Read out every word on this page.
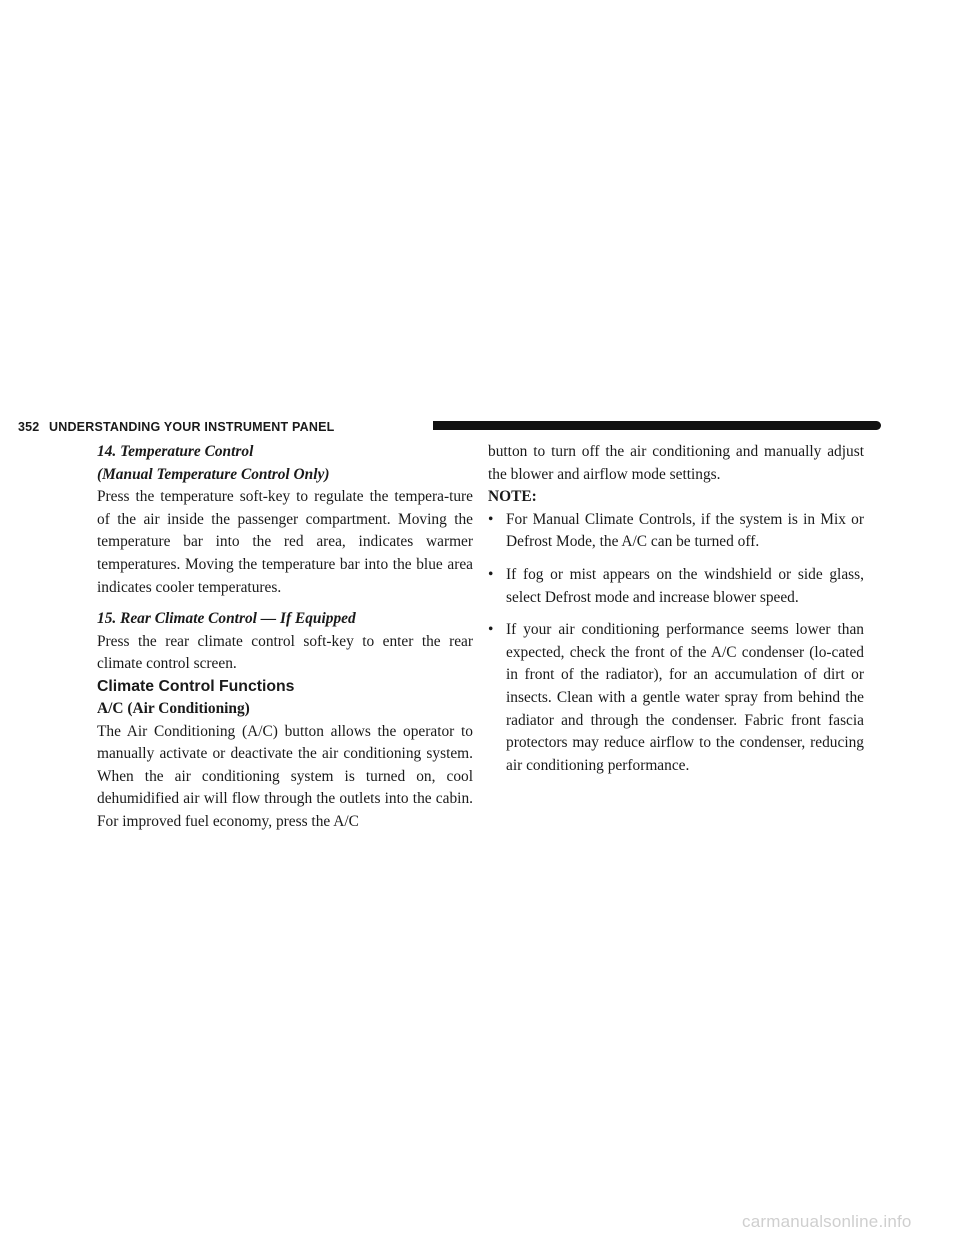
352 UNDERSTANDING YOUR INSTRUMENT PANEL

14. Temperature Control

(Manual Temperature Control Only)

Press the temperature soft-key to regulate the tempera-ture of the air inside the passenger compartment. Moving the temperature bar into the red area, indicates warmer temperatures. Moving the temperature bar into the blue area indicates cooler temperatures.

15. Rear Climate Control — If Equipped

Press the rear climate control soft-key to enter the rear climate control screen.

Climate Control Functions

A/C (Air Conditioning)

The Air Conditioning (A/C) button allows the operator to manually activate or deactivate the air conditioning system. When the air conditioning system is turned on, cool dehumidified air will flow through the outlets into the cabin. For improved fuel economy, press the A/C

button to turn off the air conditioning and manually adjust the blower and airflow mode settings.

NOTE:

• For Manual Climate Controls, if the system is in Mix or Defrost Mode, the A/C can be turned off.
• If fog or mist appears on the windshield or side glass, select Defrost mode and increase blower speed.
• If your air conditioning performance seems lower than expected, check the front of the A/C condenser (lo-cated in front of the radiator), for an accumulation of dirt or insects. Clean with a gentle water spray from behind the radiator and through the condenser. Fabric front fascia protectors may reduce airflow to the condenser, reducing air conditioning performance.
carmanualsonline.info
